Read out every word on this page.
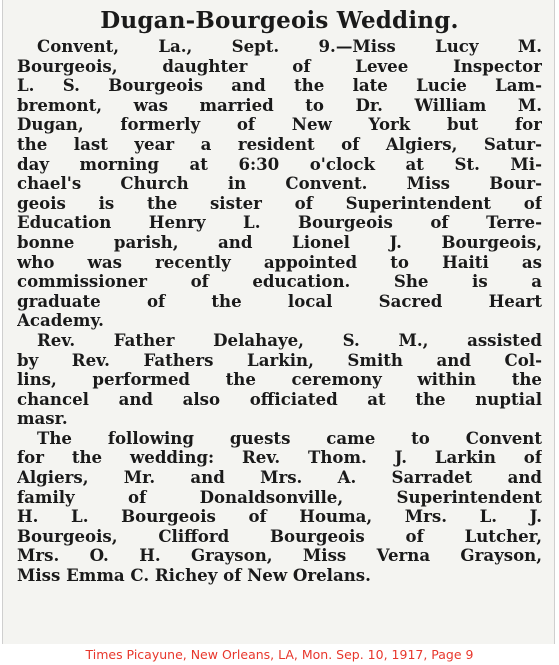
Dugan-Bourgeois Wedding.
Convent, La., Sept. 9.—Miss Lucy M.
Bourgeois, daughter of Levee Inspector
L. S. Bourgeois and the late Lucie Lam-
bremont, was married to Dr. William M.
Dugan, formerly of New York but for
the last year a resident of Algiers, Satur-
day morning at 6:30 o'clock at St. Mi-
chael's Church in Convent. Miss Bour-
geois is the sister of Superintendent of
Education Henry L. Bourgeois of Terre-
bonne parish, and Lionel J. Bourgeois,
who was recently appointed to Haiti as
commissioner of education. She is a
graduate of the local Sacred Heart
Academy.
Rev. Father Delahaye, S. M., assisted
by Rev. Fathers Larkin, Smith and Col-
lins, performed the ceremony within the
chancel and also officiated at the nuptial
masr.
The following guests came to Convent
for the wedding: Rev. Thom. J. Larkin of
Algiers, Mr. and Mrs. A. Sarradet and
family of Donaldsonville, Superintendent
H. L. Bourgeois of Houma, Mrs. L. J.
Bourgeois, Clifford Bourgeois of Lutcher,
Mrs. O. H. Grayson, Miss Verna Grayson,
Miss Emma C. Richey of New Orelans.
Times Picayune, New Orleans, LA, Mon. Sep. 10, 1917, Page 9
